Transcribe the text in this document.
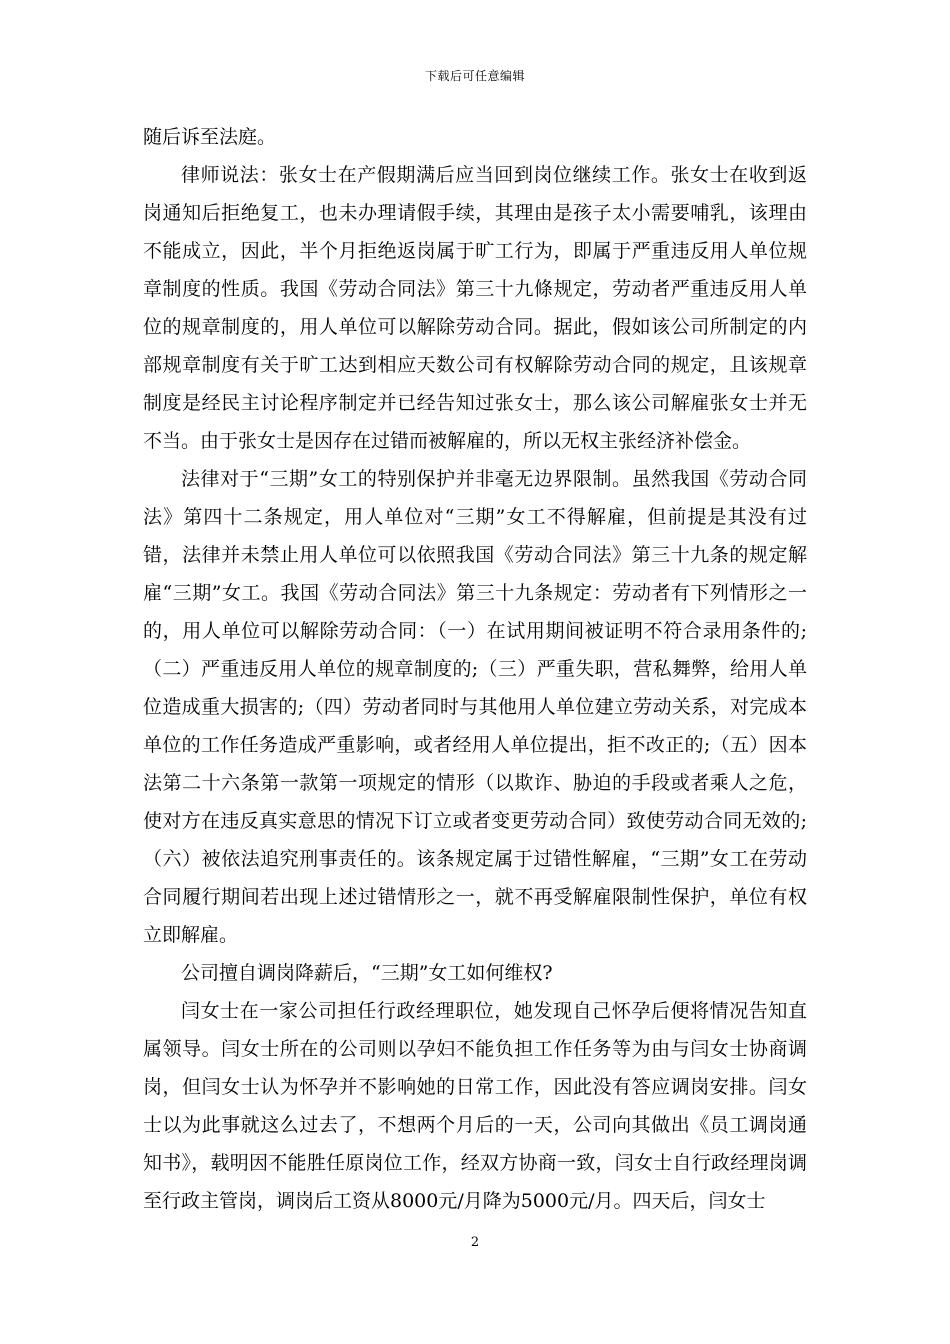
下载后可任意编辑

随后诉至法庭。

律师说法：张女士在产假期满后应当回到岗位继续工作。张女士在收到返岗通知后拒绝复工，也未办理请假手续，其理由是孩子太小需要哺乳，该理由不能成立，因此，半个月拒绝返岗属于旷工行为，即属于严重违反用人单位规章制度的性质。我国《劳动合同法》第三十九條规定，劳动者严重违反用人单位的规章制度的，用人单位可以解除劳动合同。据此，假如该公司所制定的内部规章制度有关于旷工达到相应天数公司有权解除劳动合同的规定，且该规章制度是经民主讨论程序制定并已经告知过张女士，那么该公司解雇张女士并无不当。由于张女士是因存在过错而被解雇的，所以无权主张经济补偿金。

法律对于“三期”女工的特别保护并非毫无边界限制。虽然我国《劳动合同法》第四十二条规定，用人单位对“三期”女工不得解雇，但前提是其没有过错，法律并未禁止用人单位可以依照我国《劳动合同法》第三十九条的规定解雇“三期”女工。我国《劳动合同法》第三十九条规定：劳动者有下列情形之一的，用人单位可以解除劳动合同：（一）在试用期间被证明不符合录用条件的;（二）严重违反用人单位的规章制度的;（三）严重失职，营私舞弊，给用人单位造成重大损害的;（四）劳动者同时与其他用人单位建立劳动关系，对完成本单位的工作任务造成严重影响，或者经用人单位提出，拒不改正的;（五）因本法第二十六条第一款第一项规定的情形（以欺诈、胁迫的手段或者乘人之危，使对方在违反真实意思的情况下订立或者变更劳动合同）致使劳动合同无效的;（六）被依法追究刑事责任的。该条规定属于过错性解雇，“三期”女工在劳动合同履行期间若出现上述过错情形之一，就不再受解雇限制性保护，单位有权立即解雇。

公司擅自调岗降薪后，“三期”女工如何维权?

闫女士在一家公司担任行政经理职位，她发现自己怀孕后便将情况告知直属领导。闫女士所在的公司则以孕妇不能负担工作任务等为由与闫女士协商调岗，但闫女士认为怀孕并不影响她的日常工作，因此没有答应调岗安排。闫女士以为此事就这么过去了，不想两个月后的一天，公司向其做出《员工调岗通知书》，载明因不能胜任原岗位工作，经双方协商一致，闫女士自行政经理岗调至行政主管岗，调岗后工资从8000元/月降为5000元/月。四天后，闫女士

2
